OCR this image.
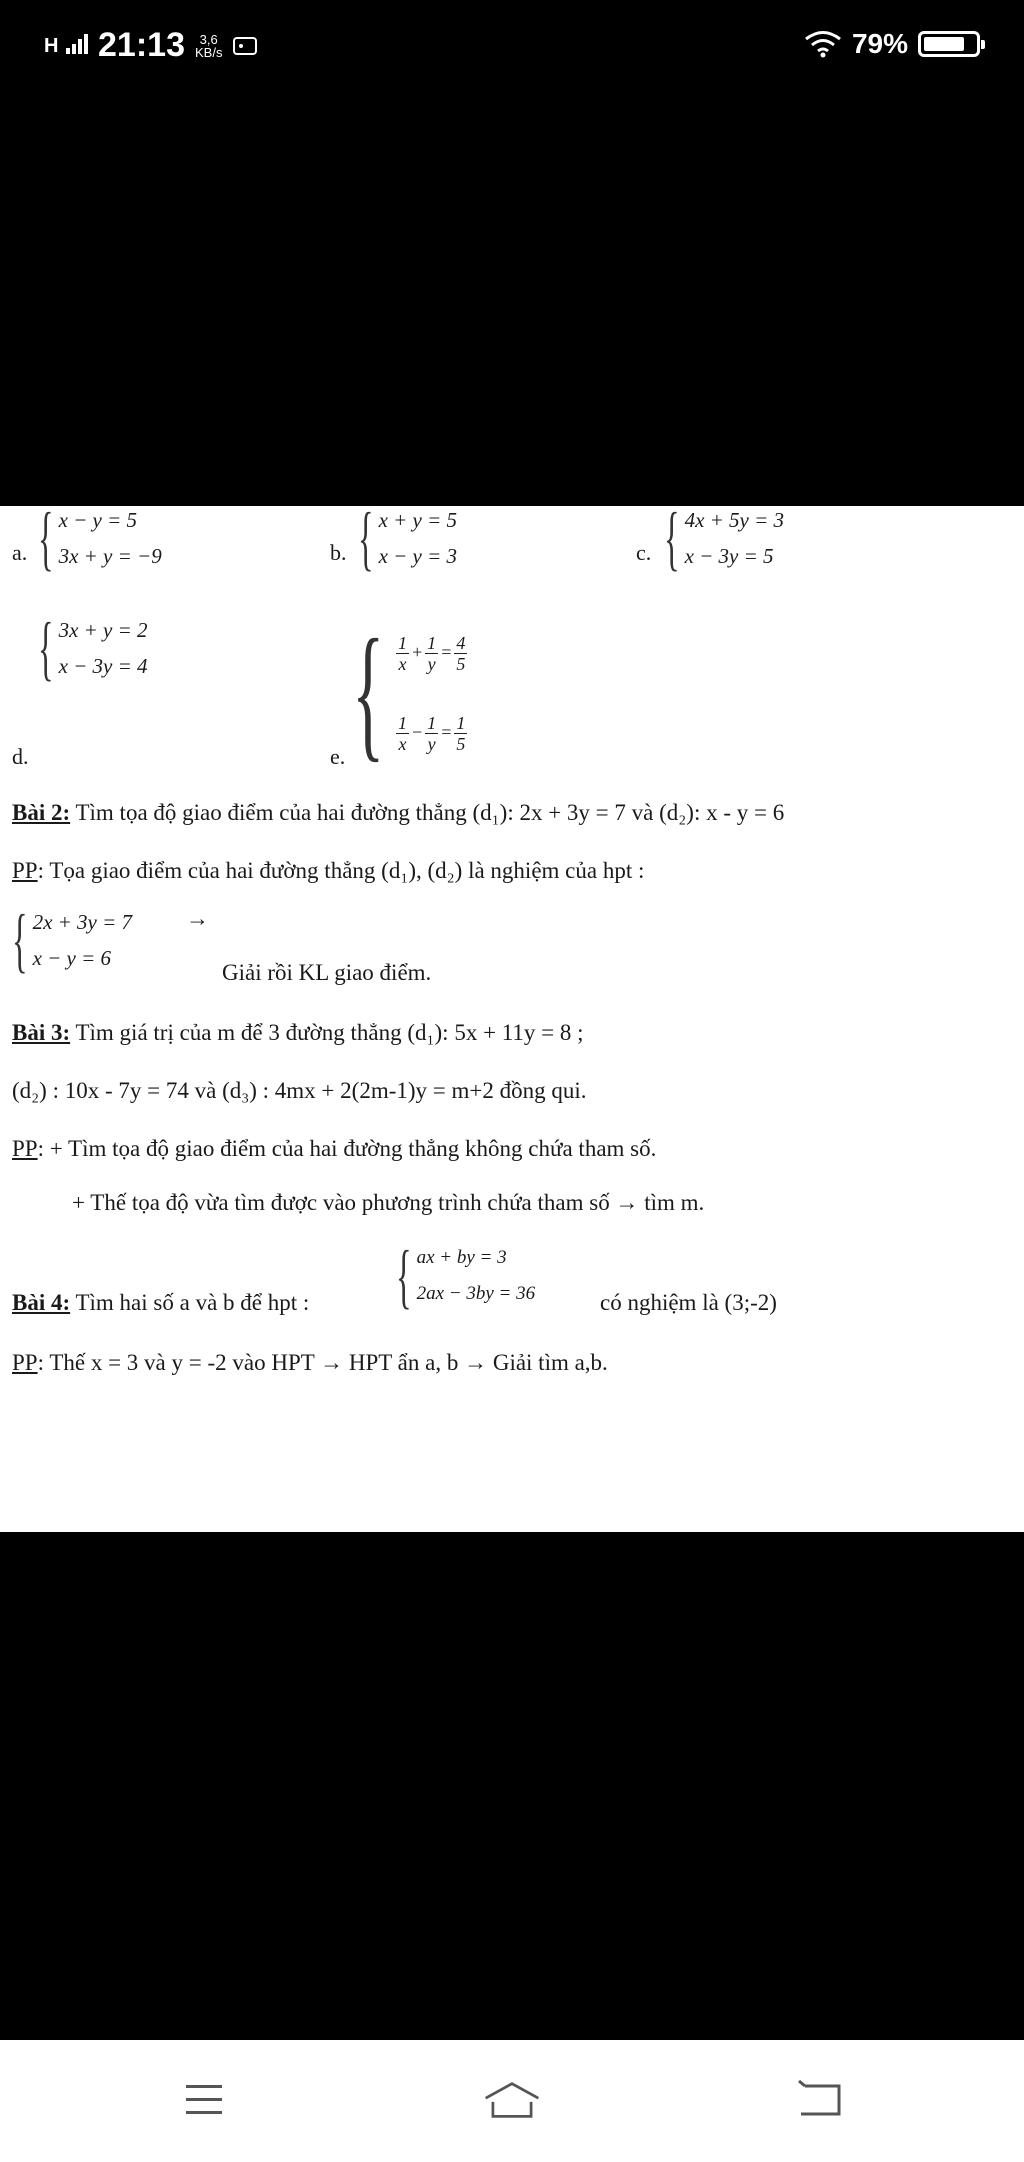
H	21:13	3,6
KB/s	79%
a. { x − y = 5
3x + y = −9	b. { x + y = 5
x − y = 3	c. { 4x + 5y = 3
x − 3y = 5
{ 3x + y = 2
x − 3y = 4
d.	e. { $\frac{1}{x} + \frac{1}{y} = \frac{4}{5}$
$\frac{1}{x} - \frac{1}{y} = \frac{1}{5}$
Bài 2: Tìm tọa độ giao điểm của hai đường thẳng (d₁): 2x + 3y = 7 và (d₂): x - y = 6
PP: Tọa giao điểm của hai đường thẳng (d₁), (d₂) là nghiệm của hpt :
{ 2x + 3y = 7
x − y = 6
→
Giải rồi KL giao điểm.
Bài 3: Tìm giá trị của m để 3 đường thẳng (d₁): 5x + 11y = 8 ;
(d₂) : 10x - 7y = 74 và (d₃) : 4mx + 2(2m-1)y = m+2 đồng qui.
PP: + Tìm tọa độ giao điểm của hai đường thẳng không chứa tham số.
+ Thế tọa độ vừa tìm được vào phương trình chứa tham số → tìm m.
Bài 4: Tìm hai số a và b để hpt : { ax + by = 3
2ax − 3by = 36	có nghiệm là (3;-2)
PP: Thế x = 3 và y = -2 vào HPT → HPT ẩn a, b → Giải tìm a,b.
